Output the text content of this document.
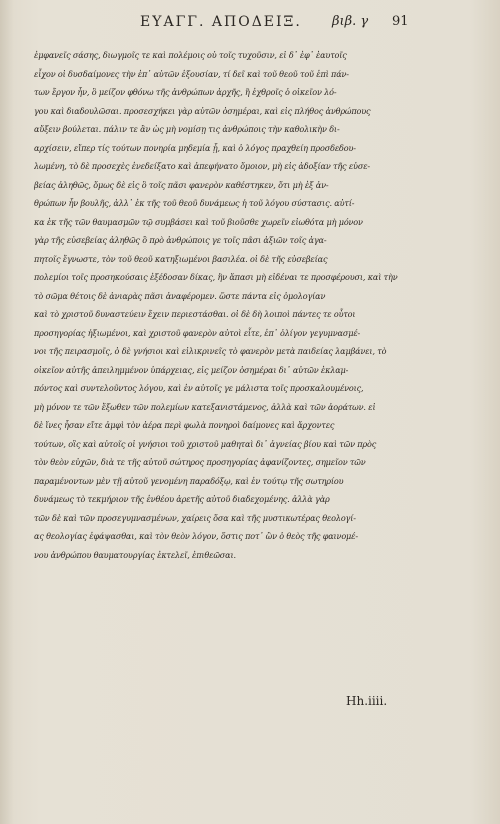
ΕΥΑΓΓ. ΑΠΟΔΕΙΞ. βιβ. γ 91
ἐμφανεῖς σάσης, διωγμοῖς τε καὶ πολέμοις οὐ τοῖς τυχοῦσιν, εἰ δ᾽ ἐφ᾽ ἑαυτοῖς
εἶχον οἱ δυσδαίμονες τὴν ἐπ᾽ αὐτῶν ἐξουσίαν, τί δεῖ καὶ τοῦ θεοῦ τοῦ ἐπὶ πάν-
των ἔργον ἦν, ὃ μείζον φθόνω τῆς ἀνθρώπων ἀρχῆς, ἢ ἐχθροῖς ὁ οἰκεῖον λό-
γου καὶ διαδουλῶσαι. προσεσχήκει γὰρ αὐτῶν ὁσημέραι, καὶ εἰς πλήθος ἀνθρώπους
αὔξειν βούλεται. πάλιν τε ἂν ὡς μὴ νομίσῃ τις ἀνθρώποις τὴν καθολικὴν δι-
αρχίσειν, εἴπερ τίς τούτων πονηρία μηδεμία ᾖ, καὶ ὁ λόγος πραχθείη προσδεδου-
λωμένη, τὸ δὲ προσεχὲς ἐνεδείξατο καὶ ἀπεφήνατο ὅμοιον, μὴ εἰς ἀδοξίαν τῆς εὐσε-
βείας ἀληθῶς, ὅμως δὲ εἰς ὃ τοῖς πᾶσι φανερὸν καθέστηκεν, ὅτι μὴ ἐξ ἀν-
θρώπων ἦν βουλῆς, ἀλλ᾽ ἐκ τῆς τοῦ θεοῦ δυνάμεως ἡ τοῦ λόγου σύστασις. αὐτί-
κα ἐκ τῆς τῶν θαυμασμῶν τῷ συμβάσει καὶ τοῦ βιοῦσθε χωρεῖν εἰωθότα μὴ μόνον
γὰρ τῆς εὐσεβείας ἀληθῶς ὃ πρὸ ἀνθρώποις γε τοῖς πᾶσι ἀξιῶν τοῖς ἀγα-
πητοῖς ἔγνωστε, τὸν τοῦ θεοῦ κατηξιωμένοι βασιλέα. οἱ δὲ τῆς εὐσεβείας
πολεμίοι τοῖς προσηκούσαις ἐξέδοσαν δίκας, ἣν ἅπασι μὴ εἰδέναι τε προσφέρουσι, καὶ τὴν
τὸ σῶμα θέτοις δὲ ἀνιαρὰς πᾶσι ἀναφέρομεν. ὥστε πάντα εἰς ὁμολογίαν
καὶ τὸ χριστοῦ δυναστεύειν ἔχειν περιεστάσθαι. οἱ δὲ δὴ λοιποὶ πάντες τε οὗτοι
προσηγορίας ἠξιωμένοι, καὶ χριστοῦ φανερὸν αὐτοὶ εἶτε, ἐπ᾽ ὀλίγον γεγυμνασμέ-
νοι τῆς πειρασμοῖς, ὁ δὲ γνήσιοι καὶ εἰλικρινεῖς τὸ φανερὸν μετὰ παιδείας λαμβάνει, τὸ
οἰκεῖον αὐτῆς ἀπειλημμένον ὑπάρχειας, εἰς μείζον ὁσημέραι δι᾽ αὐτῶν ἐκλαμ-
πόντος καὶ συντελοῦντος λόγου, καὶ ἐν αὐτοῖς γε μάλιστα τοῖς προσκαλουμένοις,
μὴ μόνον τε τῶν ἔξωθεν τῶν πολεμίων κατεξανιστάμενος, ἀλλὰ καὶ τῶν ἀοράτων. εἰ
δὲ ἴνες ἦσαν εἴτε ἀμφὶ τὸν ἀέρα περὶ φωλὰ πονηροὶ δαίμονες καὶ ἄρχοντες
τούτων, οἳς καὶ αὐτοῖς οἱ γνήσιοι τοῦ χριστοῦ μαθηταὶ δι᾽ ἀγνείας βίου καὶ τῶν πρὸς
τὸν θεὸν εὐχῶν, διὰ τε τῆς αὐτοῦ σώτηρος προσηγορίας ἀφανίζοντες, σημεῖον τῶν
παραμένοντων μὲν τῇ αὐτοῦ γενομένη παραδόξῳ, καὶ ἐν τούτῳ τῆς σωτηρίου
δυνάμεως τὸ τεκμήριον τῆς ἐνθέου ἀρετῆς αὐτοῦ διαδεχομένης. ἀλλὰ γὰρ
τῶν δὲ καὶ τῶν προσεγυμνασμένων, χαίρεις ὅσα καὶ τῆς μυστικωτέρας θεολογί-
ας θεολογίας ἐφάψασθαι, καὶ τὸν θεὸν λόγον, ὅστις ποτ᾽ ὢν ὁ θεὸς τῆς φαινομέ-
νου ἀνθρώπου θαυματουργίας ἐκτελεῖ, ἐπιθεῶσαι.
Hh.iiii.
